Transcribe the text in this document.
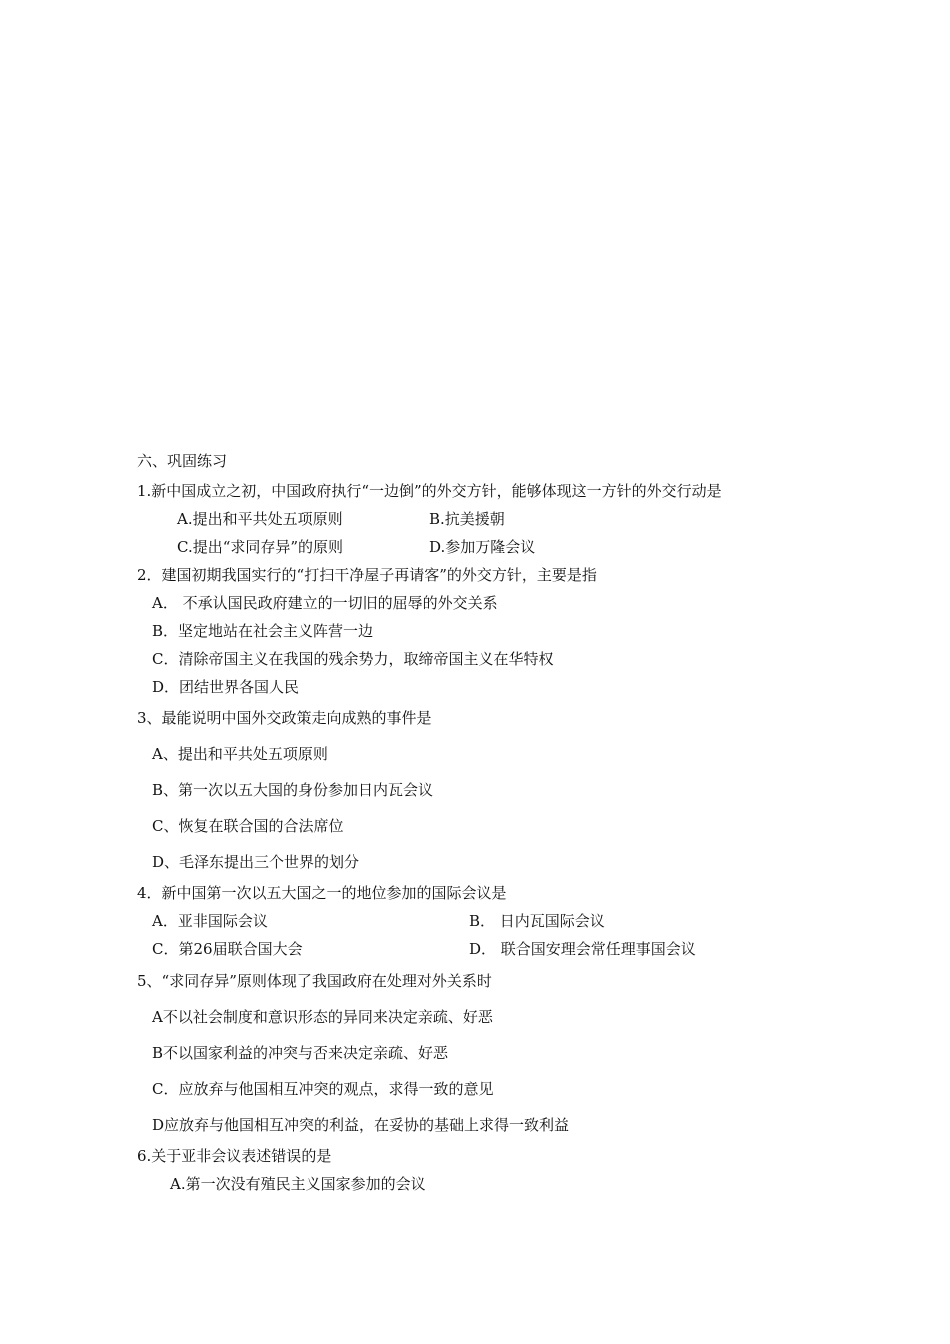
六、巩固练习
1.新中国成立之初，中国政府执行“一边倒”的外交方针，能够体现这一方针的外交行动是
A.提出和平共处五项原则	B.抗美援朝
C.提出“求同存异”的原则	D.参加万隆会议
2．建国初期我国实行的“打扫干净屋子再请客”的外交方针，主要是指
A． 不承认国民政府建立的一切旧的屈辱的外交关系
B．坚定地站在社会主义阵营一边
C．清除帝国主义在我国的残余势力，取缔帝国主义在华特权
D．团结世界各国人民
3、最能说明中国外交政策走向成熟的事件是
A、提出和平共处五项原则
B、第一次以五大国的身份参加日内瓦会议
C、恢复在联合国的合法席位
D、毛泽东提出三个世界的划分
4．新中国第一次以五大国之一的地位参加的国际会议是
A．亚非国际会议	B． 日内瓦国际会议
C．第26届联合国大会	D． 联合国安理会常任理事国会议
5、“求同存异”原则体现了我国政府在处理对外关系时
A不以社会制度和意识形态的异同来决定亲疏、好恶
B不以国家利益的冲突与否来决定亲疏、好恶
C．应放弃与他国相互冲突的观点，求得一致的意见
D应放弃与他国相互冲突的利益，在妥协的基础上求得一致利益
6.关于亚非会议表述错误的是
A.第一次没有殖民主义国家参加的会议
